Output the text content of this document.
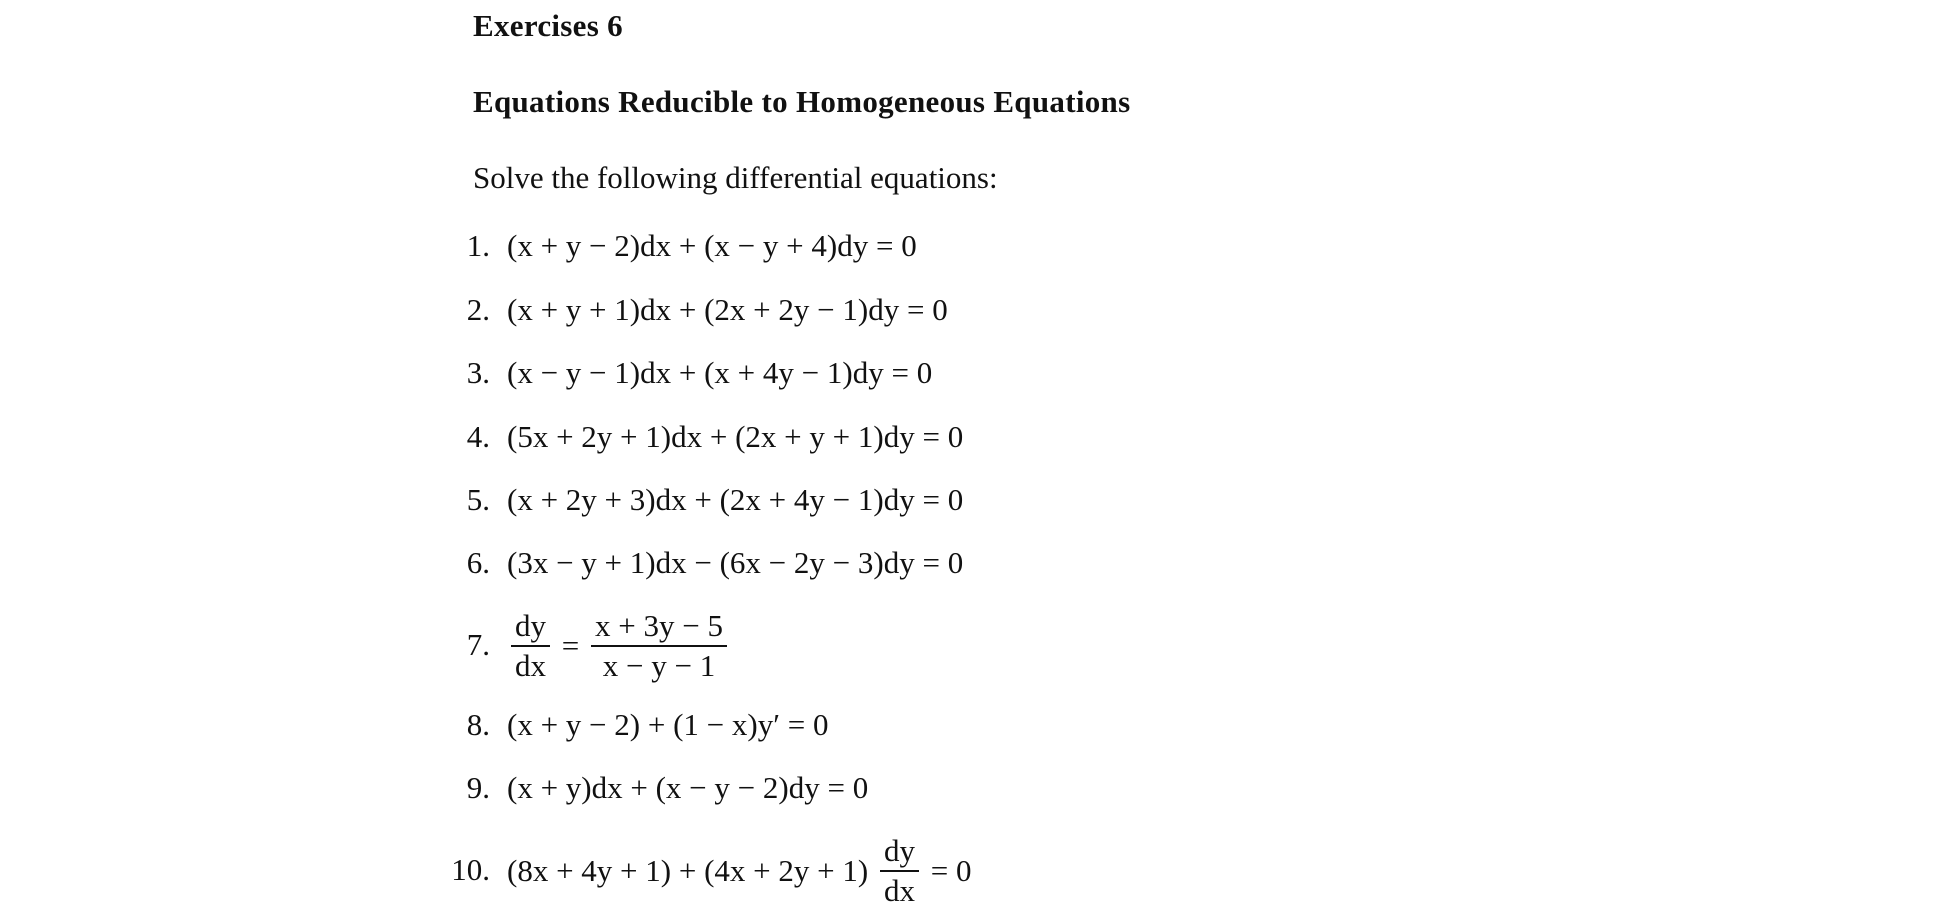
Exercises 6
Equations Reducible to Homogeneous Equations

Solve the following differential equations:

1. (x + y − 2)dx + (x − y + 4)dy = 0
2. (x + y + 1)dx + (2x + 2y − 1)dy = 0
3. (x − y − 1)dx + (x + 4y − 1)dy = 0
4. (5x + 2y + 1)dx + (2x + y + 1)dy = 0
5. (x + 2y + 3)dx + (2x + 4y − 1)dy = 0
6. (3x − y + 1)dx − (6x − 2y − 3)dy = 0
7. $\frac{dy}{dx} = \frac{x + 3y - 5}{x - y - 1}$
8. (x + y − 2) + (1 − x)y′ = 0
9. (x + y)dx + (x − y − 2)dy = 0
10. $(8x + 4y + 1) + (4x + 2y + 1) \frac{dy}{dx} = 0$
